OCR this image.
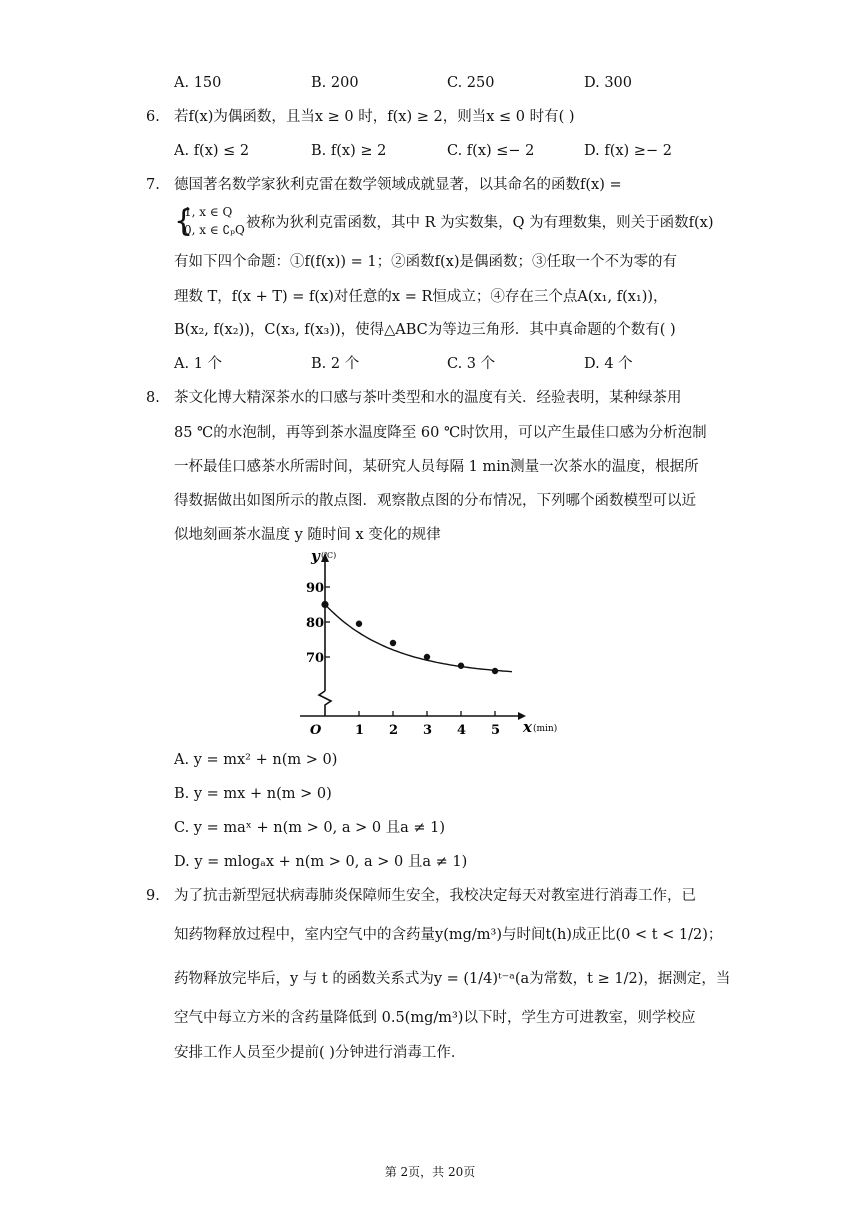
A. 150	B. 200	C. 250	D. 300
6. 若f(x)为偶函数，且当x ≥ 0 时，f(x) ≥ 2，则当x ≤ 0 时有( )
A. f(x) ≤ 2	B. f(x) ≥ 2	C. f(x) ≤− 2	D. f(x) ≥− 2
7. 德国著名数学家狄利克雷在数学领域成就显著，以其命名的函数f(x) =
{
1, x ∈ Q
0, x ∈ ∁ₚQ 被称为狄利克雷函数，其中 R 为实数集，Q 为有理数集，则关于函数f(x)
有如下四个命题：①f(f(x)) = 1；②函数f(x)是偶函数；③任取一个不为零的有
理数 T，f(x + T) = f(x)对任意的x = R恒成立；④存在三个点A(x₁, f(x₁))，
B(x₂, f(x₂))，C(x₃, f(x₃))，使得△ABC为等边三角形．其中真命题的个数有( )
A. 1 个	B. 2 个	C. 3 个	D. 4 个
8. 茶文化博大精深茶水的口感与茶叶类型和水的温度有关．经验表明，某种绿茶用
85 ℃的水泡制，再等到茶水温度降至 60 ℃时饮用，可以产生最佳口感为分析泡制
一杯最佳口感茶水所需时间，某研究人员每隔 1 min测量一次茶水的温度，根据所
得数据做出如图所示的散点图．观察散点图的分布情况，下列哪个函数模型可以近
似地刻画茶水温度 y 随时间 x 变化的规律
1 2 3 4 5
70
80
90
y (℃)
x (min)
O
A. y = mx² + n(m > 0)
B. y = mx + n(m > 0)
C. y = maˣ + n(m > 0, a > 0 且a ≠ 1)
D. y = mlogₐx + n(m > 0, a > 0 且a ≠ 1)
9. 为了抗击新型冠状病毒肺炎保障师生安全，我校决定每天对教室进行消毒工作，已
知药物释放过程中，室内空气中的含药量y(mg/m³)与时间t(h)成正比(0 < t < 1/2)；
药物释放完毕后，y 与 t 的函数关系式为y = (1/4)ᵗ⁻ᵃ(a为常数，t ≥ 1/2)，据测定，当
空气中每立方米的含药量降低到 0.5(mg/m³)以下时，学生方可进教室，则学校应
安排工作人员至少提前( )分钟进行消毒工作．
第 2页，共 20页
